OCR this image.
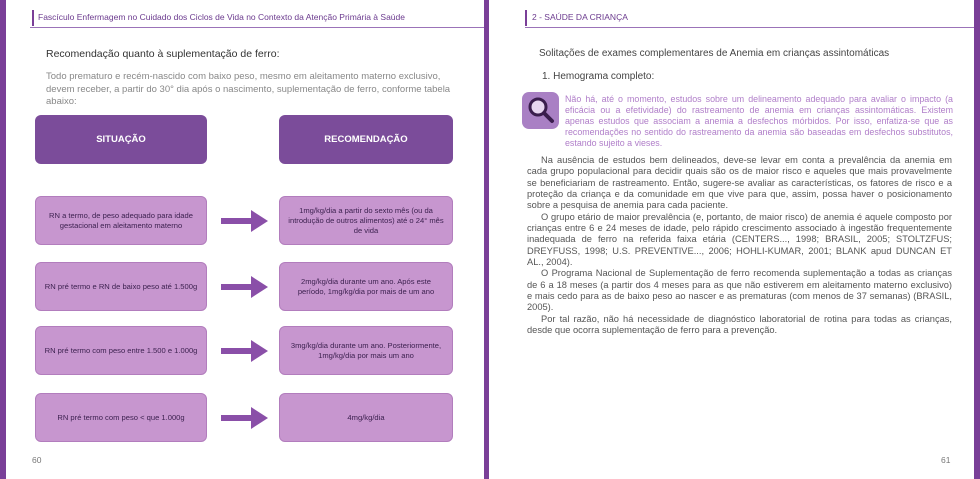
Fascículo Enfermagem no Cuidado dos Ciclos de Vida no Contexto da Atenção Primária à Saúde
Recomendação quanto à suplementação de ferro:
Todo prematuro e recém-nascido com baixo peso, mesmo em aleitamento materno exclusivo, devem receber, a partir do 30° dia após o nascimento, suplementação de ferro, conforme tabela abaixo:
SITUAÇÃO	RECOMENDAÇÃO
RN a termo, de peso adequado para idade gestacional em aleitamento materno
1mg/kg/dia a partir do sexto mês (ou da introdução de outros alimentos) até o 24° mês de vida
RN pré termo e RN de baixo peso até 1.500g
2mg/kg/dia durante um ano. Após este período, 1mg/kg/dia por mais de um ano
RN pré termo com peso entre 1.500 e 1.000g
3mg/kg/dia durante um ano. Posteriormente, 1mg/kg/dia por mais um ano
RN pré termo com peso < que 1.000g	4mg/kg/dia
60
2 - SAÚDE DA CRIANÇA
Solitações de exames complementares de Anemia em crianças assintomáticas
1. Hemograma completo:
Não há, até o momento, estudos sobre um delineamento adequado para avaliar o impacto (a eficácia ou a efetividade) do rastreamento de anemia em crianças assintomáticas. Existem apenas estudos que associam a anemia a desfechos mórbidos. Por isso, enfatiza-se que as recomendações no sentido do rastreamento da anemia são baseadas em desfechos substitutos, estando sujeito a vieses.

Na ausência de estudos bem delineados, deve-se levar em conta a prevalência da anemia em cada grupo populacional para decidir quais são os de maior risco e aqueles que mais provavelmente se beneficiariam de rastreamento. Então, sugere-se avaliar as características, os fatores de risco e a proteção da criança e da comunidade em que vive para que, assim, possa haver o posicionamento sobre a pesquisa de anemia para cada paciente.

O grupo etário de maior prevalência (e, portanto, de maior risco) de anemia é aquele composto por crianças entre 6 e 24 meses de idade, pelo rápido crescimento associado à ingestão frequentemente inadequada de ferro na referida faixa etária (CENTERS..., 1998; BRASIL, 2005; STOLTZFUS; DREYFUSS, 1998; U.S. PREVENTIVE..., 2006; HOHLI-KUMAR, 2001; BLANK apud DUNCAN ET AL., 2004).

O Programa Nacional de Suplementação de ferro recomenda suplementação a todas as crianças de 6 a 18 meses (a partir dos 4 meses para as que não estiverem em aleitamento materno exclusivo) e mais cedo para as de baixo peso ao nascer e as prematuras (com menos de 37 semanas) (BRASIL, 2005).

Por tal razão, não há necessidade de diagnóstico laboratorial de rotina para todas as crianças, desde que ocorra suplementação de ferro para a prevenção.

61
